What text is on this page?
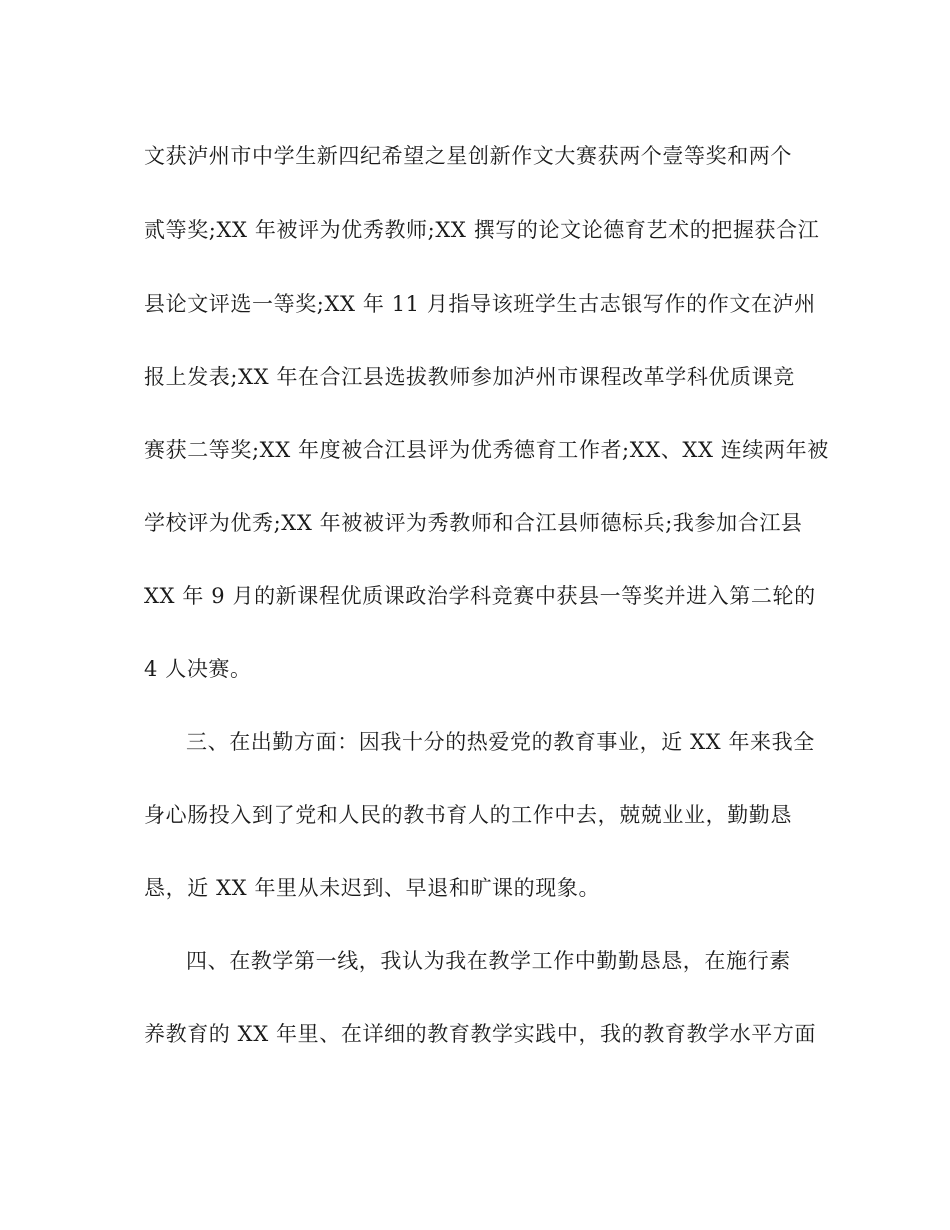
文获泸州市中学生新四纪希望之星创新作文大赛获两个壹等奖和两个
贰等奖;XX 年被评为优秀教师;XX 撰写的论文论德育艺术的把握获合江
县论文评选一等奖;XX 年 11 月指导该班学生古志银写作的作文在泸州
报上发表;XX 年在合江县选拔教师参加泸州市课程改革学科优质课竞
赛获二等奖;XX 年度被合江县评为优秀德育工作者;XX、XX 连续两年被
学校评为优秀;XX 年被被评为秀教师和合江县师德标兵;我参加合江县
XX 年 9 月的新课程优质课政治学科竞赛中获县一等奖并进入第二轮的
4 人决赛。
三、在出勤方面：因我十分的热爱党的教育事业，近 XX 年来我全
身心肠投入到了党和人民的教书育人的工作中去，兢兢业业，勤勤恳
恳，近 XX 年里从未迟到、早退和旷课的现象。
四、在教学第一线，我认为我在教学工作中勤勤恳恳，在施行素
养教育的 XX 年里、在详细的教育教学实践中，我的教育教学水平方面
